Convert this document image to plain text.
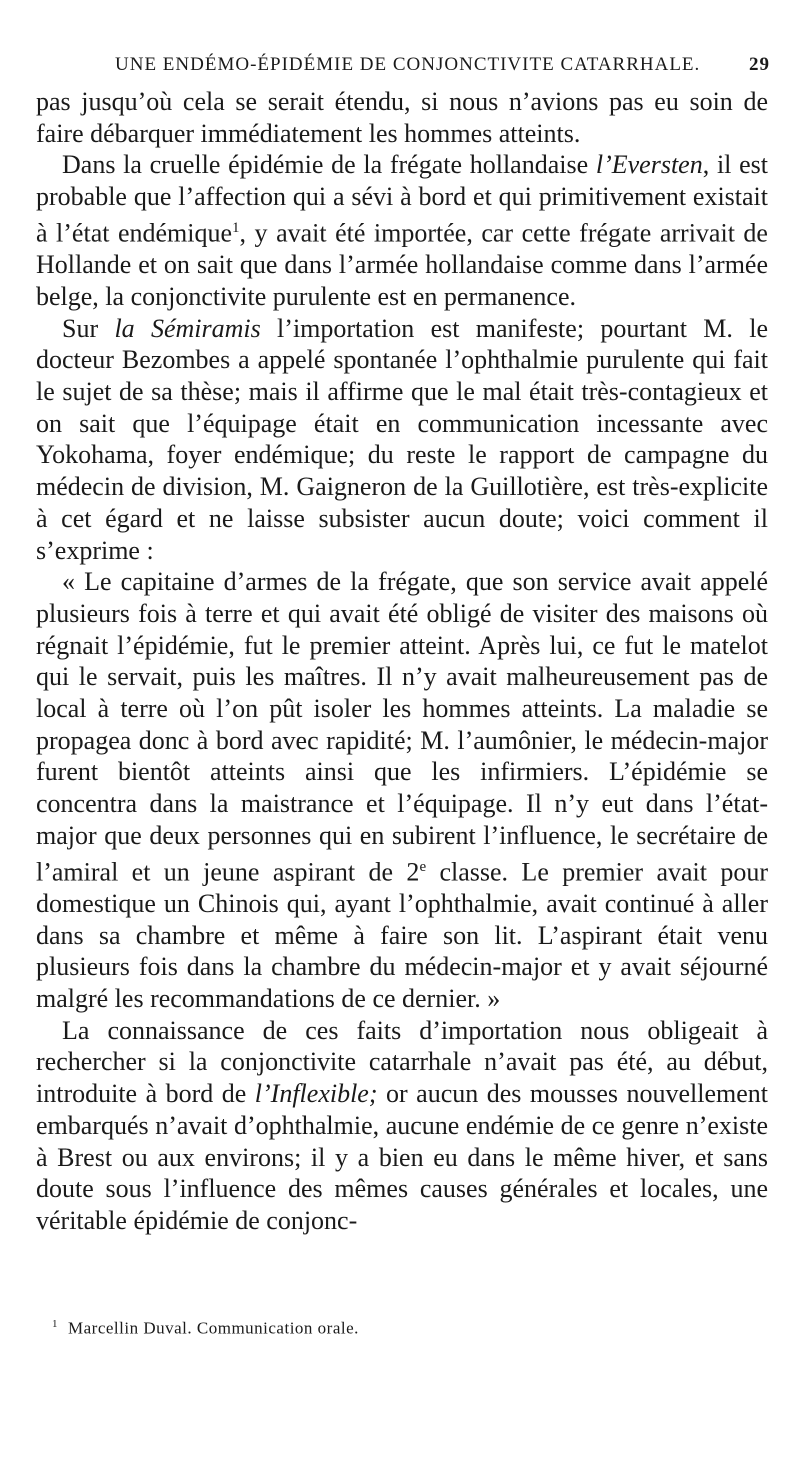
UNE ENDÉMO-ÉPIDÉMIE DE CONJONCTIVITE CATARRHALE.	29

pas jusqu’où cela se serait étendu, si nous n’avions pas eu soin de faire débarquer immédiatement les hommes atteints.

Dans la cruelle épidémie de la frégate hollandaise l’Eversten, il est probable que l’affection qui a sévi à bord et qui primitivement existait à l’état endémique$^1$, y avait été importée, car cette frégate arrivait de Hollande et on sait que dans l’armée hollandaise comme dans l’armée belge, la conjonctivite purulente est en permanence.

Sur la Sémiramis l’importation est manifeste; pourtant M. le docteur Bezombes a appelé spontanée l’ophthalmie purulente qui fait le sujet de sa thèse; mais il affirme que le mal était très-contagieux et on sait que l’équipage était en communication incessante avec Yokohama, foyer endémique; du reste le rapport de campagne du médecin de division, M. Gaigneron de la Guillotière, est très-explicite à cet égard et ne laisse subsister aucun doute; voici comment il s’exprime :

« Le capitaine d’armes de la frégate, que son service avait appelé plusieurs fois à terre et qui avait été obligé de visiter des maisons où régnait l’épidémie, fut le premier atteint. Après lui, ce fut le matelot qui le servait, puis les maîtres. Il n’y avait malheureusement pas de local à terre où l’on pût isoler les hommes atteints. La maladie se propagea donc à bord avec rapidité; M. l’aumônier, le médecin-major furent bientôt atteints ainsi que les infirmiers. L’épidémie se concentra dans la maistrance et l’équipage. Il n’y eut dans l’état-major que deux personnes qui en subirent l’influence, le secrétaire de l’amiral et un jeune aspirant de 2e classe. Le premier avait pour domestique un Chinois qui, ayant l’ophthalmie, avait continué à aller dans sa chambre et même à faire son lit. L’aspirant était venu plusieurs fois dans la chambre du médecin-major et y avait séjourné malgré les recommandations de ce dernier. »

La connaissance de ces faits d’importation nous obligeait à rechercher si la conjonctivite catarrhale n’avait pas été, au début, introduite à bord de l’Inflexible; or aucun des mousses nouvellement embarqués n’avait d’ophthalmie, aucune endémie de ce genre n’existe à Brest ou aux environs; il y a bien eu dans le même hiver, et sans doute sous l’influence des mêmes causes générales et locales, une véritable épidémie de conjonc-

$^1$ Marcellin Duval. Communication orale.
